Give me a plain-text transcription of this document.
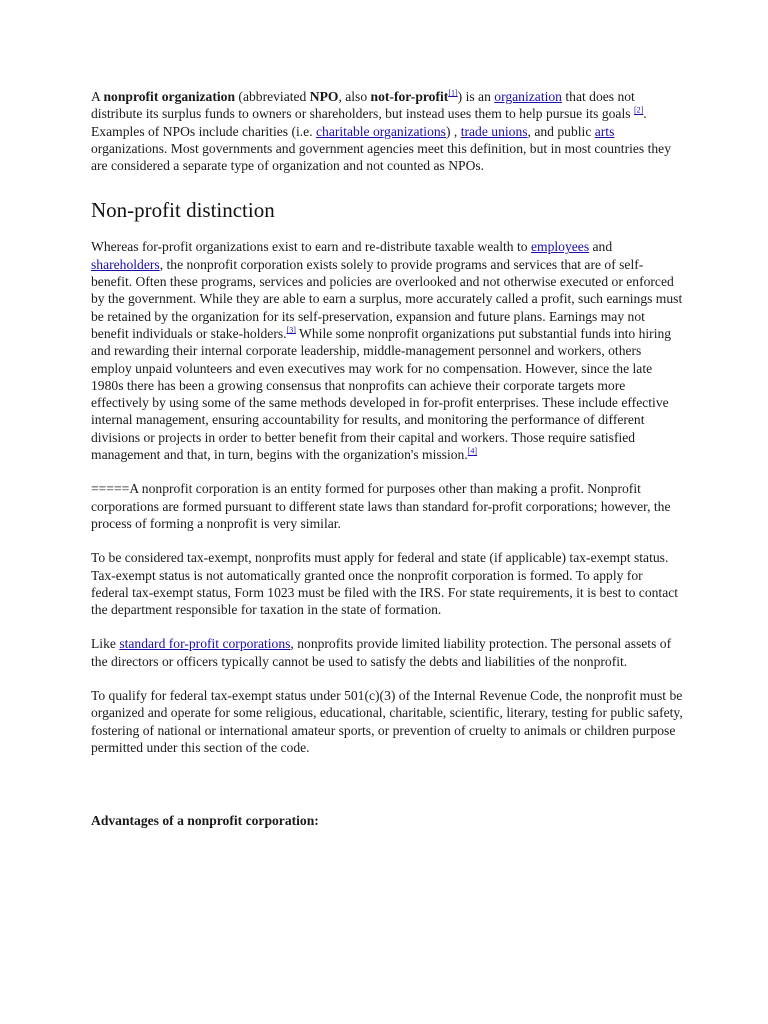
A nonprofit organization (abbreviated NPO, also not-for-profit[1]) is an organization that does not distribute its surplus funds to owners or shareholders, but instead uses them to help pursue its goals [2]. Examples of NPOs include charities (i.e. charitable organizations) , trade unions, and public arts organizations. Most governments and government agencies meet this definition, but in most countries they are considered a separate type of organization and not counted as NPOs.

Non-profit distinction

Whereas for-profit organizations exist to earn and re-distribute taxable wealth to employees and shareholders, the nonprofit corporation exists solely to provide programs and services that are of self-benefit. Often these programs, services and policies are overlooked and not otherwise executed or enforced by the government. While they are able to earn a surplus, more accurately called a profit, such earnings must be retained by the organization for its self-preservation, expansion and future plans. Earnings may not benefit individuals or stake-holders.[3] While some nonprofit organizations put substantial funds into hiring and rewarding their internal corporate leadership, middle-management personnel and workers, others employ unpaid volunteers and even executives may work for no compensation. However, since the late 1980s there has been a growing consensus that nonprofits can achieve their corporate targets more effectively by using some of the same methods developed in for-profit enterprises. These include effective internal management, ensuring accountability for results, and monitoring the performance of different divisions or projects in order to better benefit from their capital and workers. Those require satisfied management and that, in turn, begins with the organization's mission.[4]

=====A nonprofit corporation is an entity formed for purposes other than making a profit. Nonprofit corporations are formed pursuant to different state laws than standard for-profit corporations; however, the process of forming a nonprofit is very similar.

To be considered tax-exempt, nonprofits must apply for federal and state (if applicable) tax-exempt status. Tax-exempt status is not automatically granted once the nonprofit corporation is formed. To apply for federal tax-exempt status, Form 1023 must be filed with the IRS. For state requirements, it is best to contact the department responsible for taxation in the state of formation.

Like standard for-profit corporations, nonprofits provide limited liability protection. The personal assets of the directors or officers typically cannot be used to satisfy the debts and liabilities of the nonprofit.

To qualify for federal tax-exempt status under 501(c)(3) of the Internal Revenue Code, the nonprofit must be organized and operate for some religious, educational, charitable, scientific, literary, testing for public safety, fostering of national or international amateur sports, or prevention of cruelty to animals or children purpose permitted under this section of the code.

Advantages of a nonprofit corporation:
